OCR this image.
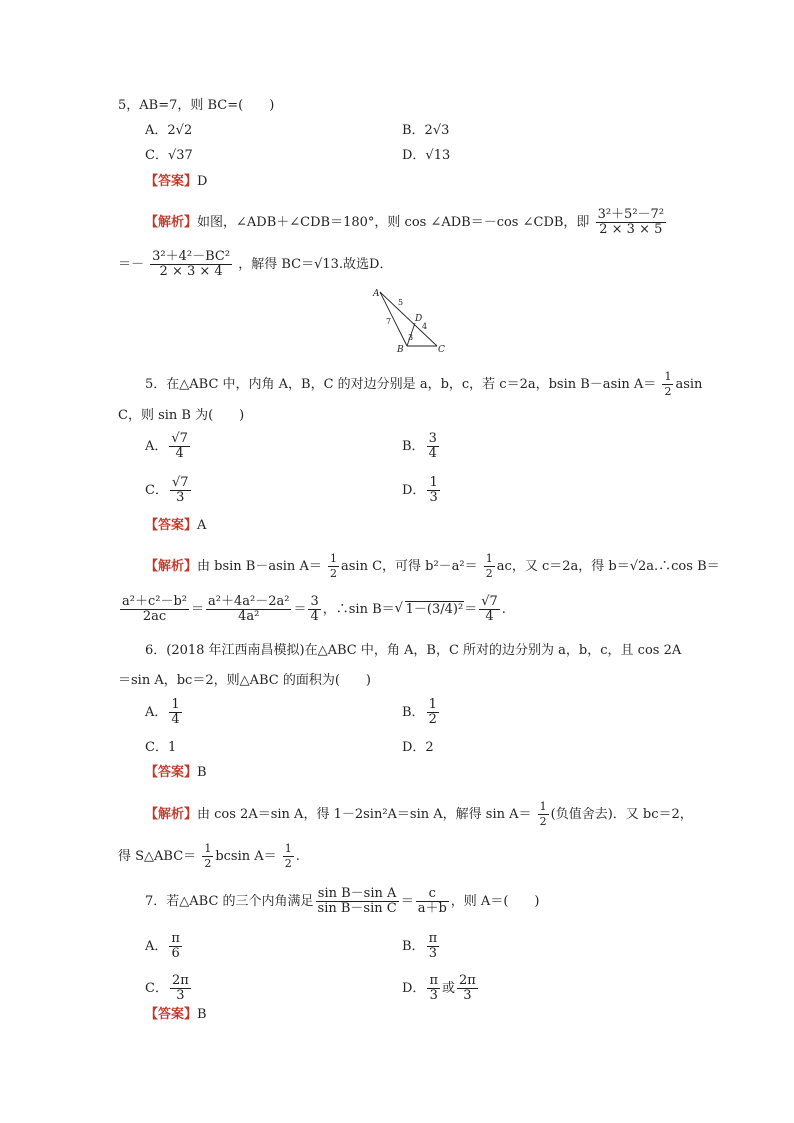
5，AB=7，则 BC=(　　)
A．2√2	B．2√3
C．√37	D．√13
【答案】D
【解析】如图，∠ADB＋∠CDB＝180°，则 cos ∠ADB＝－cos ∠CDB，即 $\frac{\text{3²＋5²－7²}}{2 \times 3 \times 5}$
＝－ $\frac{\text{3²＋4²－BC²}}{2 \times 3 \times 4}$ ，解得 BC＝√13.故选D．
A
B	C
D
5
7
4
3
5．在△ABC 中，内角 A，B，C 的对边分别是 a，b，c，若 c＝2a，bsin B－asin $A= \frac{1}{2}$ asin
C，则 sin B 为(　　)
A． $\frac{√7}{4}$	B． $\frac{3}{4}$
C． $\frac{√7}{3}$	D． $\frac{1}{3}$
【答案】A
【解析】由 bsin B－asin $A= \frac{1}{2}$ asin C，可得 $b^2-a^2= \frac{1}{2}$ ac，又 c＝2a，得 b＝√2a.∴cos B＝
$\frac{\text{a²＋c²－b²}}{2ac} = \frac{\text{a²＋4a²－2a²}}{\text{4a²}} = \frac{3}{4}$ ，∴sin B＝√ $1-(3/4)^2= \frac{√7}{4}$ .
6．(2018 年江西南昌模拟)在△ABC 中，角 A，B，C 所对的边分别为 a，b，c，且 cos 2A
＝sin A，bc＝2，则△ABC 的面积为(　　)
A． $\frac{1}{4}$	B． $\frac{1}{2}$
C．1	D．2
【答案】B
【解析】由 cos 2A＝sin A，得 1－2sin²A＝sin A，解得 $\sin A= \frac{1}{2}$ (负值舍去)．又 bc＝2，
得 S△ABC＝ $\frac{1}{2}$ bcsin $A= \frac{1}{2}$ .
7．若△ABC 的三个内角满足 $\frac{\text{sin B－sin A}}{\text{sin B－sin C}} = \frac{c}{a+b}$ ，则 A＝(　　)
A． $\frac{\pi}{6}$	B． $\frac{\pi}{3}$
C． $\frac{2\pi}{3}$	D． $\frac{\pi}{3}$ 或 $\frac{2\pi}{3}$
【答案】B
